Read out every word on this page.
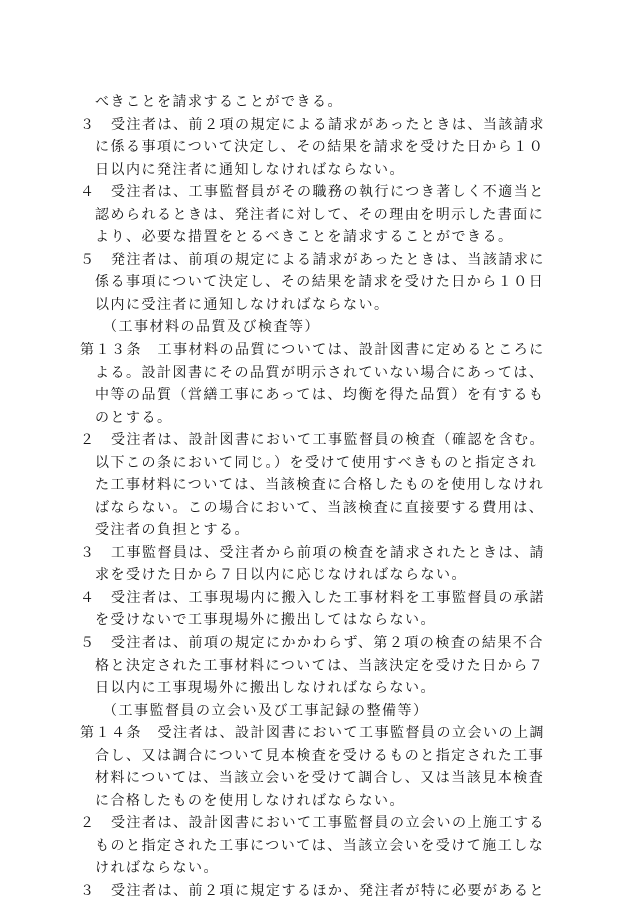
べきことを請求することができる。
３　受注者は、前２項の規定による請求があったときは、当該請求
に係る事項について決定し、その結果を請求を受けた日から１０
日以内に発注者に通知しなければならない。
４　受注者は、工事監督員がその職務の執行につき著しく不適当と
認められるときは、発注者に対して、その理由を明示した書面に
より、必要な措置をとるべきことを請求することができる。
５　発注者は、前項の規定による請求があったときは、当該請求に
係る事項について決定し、その結果を請求を受けた日から１０日
以内に受注者に通知しなければならない。
（工事材料の品質及び検査等）
第１３条　工事材料の品質については、設計図書に定めるところに
よる。設計図書にその品質が明示されていない場合にあっては、
中等の品質（営繕工事にあっては、均衡を得た品質）を有するも
のとする。
２　受注者は、設計図書において工事監督員の検査（確認を含む。
以下この条において同じ。）を受けて使用すべきものと指定され
た工事材料については、当該検査に合格したものを使用しなけれ
ばならない。この場合において、当該検査に直接要する費用は、
受注者の負担とする。
３　工事監督員は、受注者から前項の検査を請求されたときは、請
求を受けた日から７日以内に応じなければならない。
４　受注者は、工事現場内に搬入した工事材料を工事監督員の承諾
を受けないで工事現場外に搬出してはならない。
５　受注者は、前項の規定にかかわらず、第２項の検査の結果不合
格と決定された工事材料については、当該決定を受けた日から７
日以内に工事現場外に搬出しなければならない。
（工事監督員の立会い及び工事記録の整備等）
第１４条　受注者は、設計図書において工事監督員の立会いの上調
合し、又は調合について見本検査を受けるものと指定された工事
材料については、当該立会いを受けて調合し、又は当該見本検査
に合格したものを使用しなければならない。
２　受注者は、設計図書において工事監督員の立会いの上施工する
ものと指定された工事については、当該立会いを受けて施工しな
ければならない。
３　受注者は、前２項に規定するほか、発注者が特に必要があると
